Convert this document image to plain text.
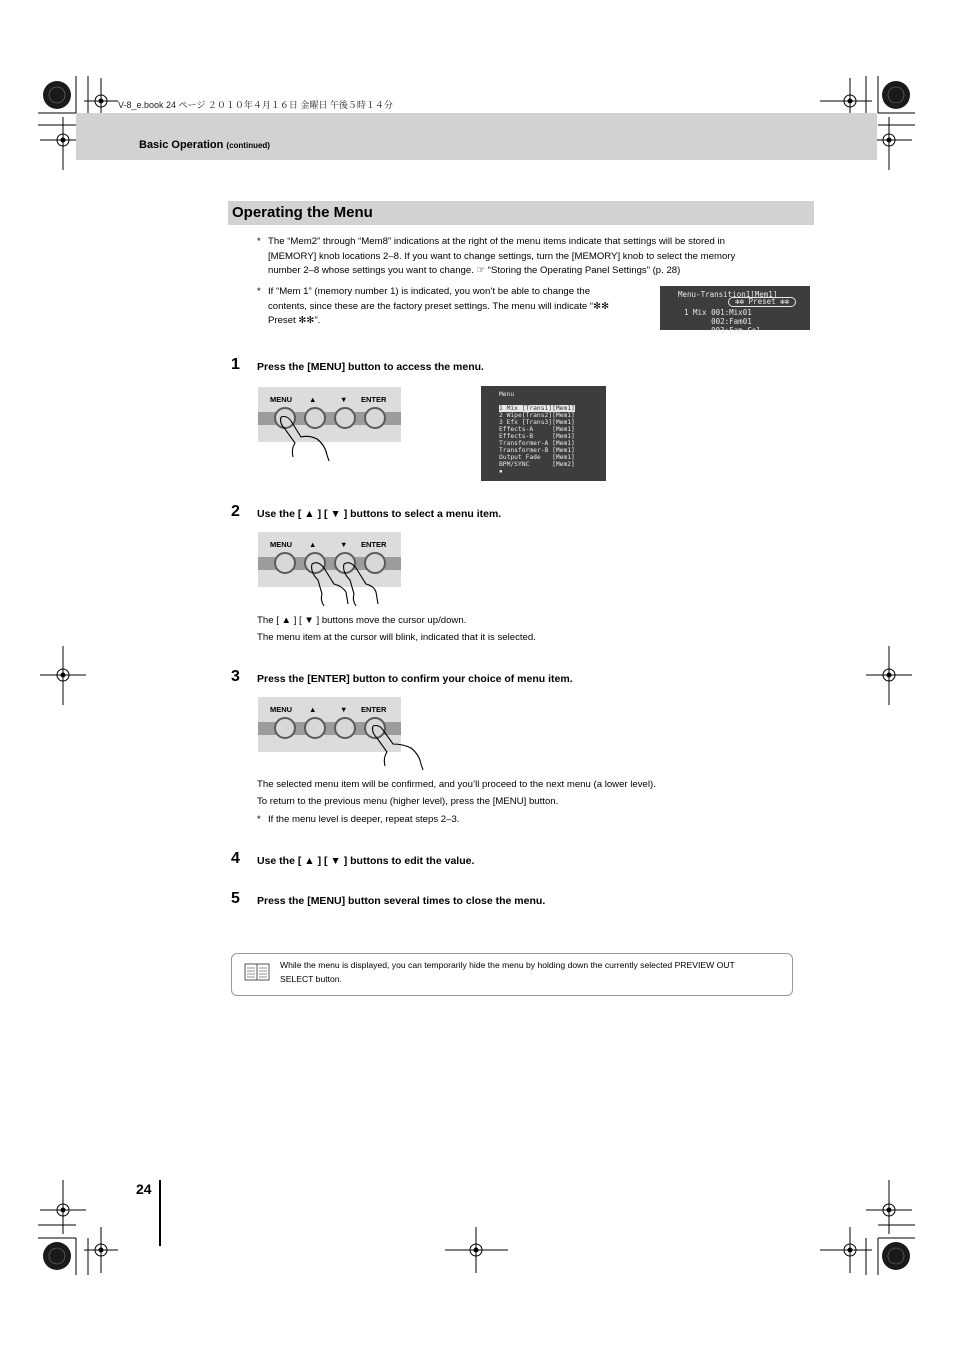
V-8_e.book 24 ページ ２０１０年４月１６日 金曜日 午後５時１４分
Basic Operation (continued)
Operating the Menu
* The “Mem2” through “Mem8” indications at the right of the menu items indicate that settings will be stored in
[MEMORY] knob locations 2–8. If you want to change settings, turn the [MEMORY] knob to select the memory
number 2–8 whose settings you want to change. ☞ “Storing the Operating Panel Settings” (p. 28)
* If “Mem 1” (memory number 1) is indicated, you won’t be able to change the
contents, since these are the factory preset settings. The menu will indicate “✻✻
Preset ✻✻”.
Menu-Transition1[Mem1]
✻✻ Preset ✻✻
1 Mix 001:Mix01
002:Fam01
003:Fam-Col
1 Press the [MENU] button to access the menu.
MENU ▲	▼ ENTER
Menu
1 Mix [Trans1][Mem1]
2 Wipe[Trans2][Mem1]
3 Efx [Trans3][Mem1]
Effects-A     [Mem1]
Effects-B     [Mem1]
Transformer-A [Mem1]
Transformer-B [Mem1]
Output Fade   [Mem1]
BPM/SYNC      [Mem2]
▪
2 Use the [ ▲ ] [ ▼ ] buttons to select a menu item.
MENU ▲	▼ ENTER
The [ ▲ ] [ ▼ ] buttons move the cursor up/down.
The menu item at the cursor will blink, indicated that it is selected.
3 Press the [ENTER] button to confirm your choice of menu item.
MENU ▲	▼ ENTER
The selected menu item will be confirmed, and you’ll proceed to the next menu (a lower level).
To return to the previous menu (higher level), press the [MENU] button.
* If the menu level is deeper, repeat steps 2–3.
4 Use the [ ▲ ] [ ▼ ] buttons to edit the value.
5 Press the [MENU] button several times to close the menu.
While the menu is displayed, you can temporarily hide the menu by holding down the currently selected PREVIEW OUT
SELECT button.
24
